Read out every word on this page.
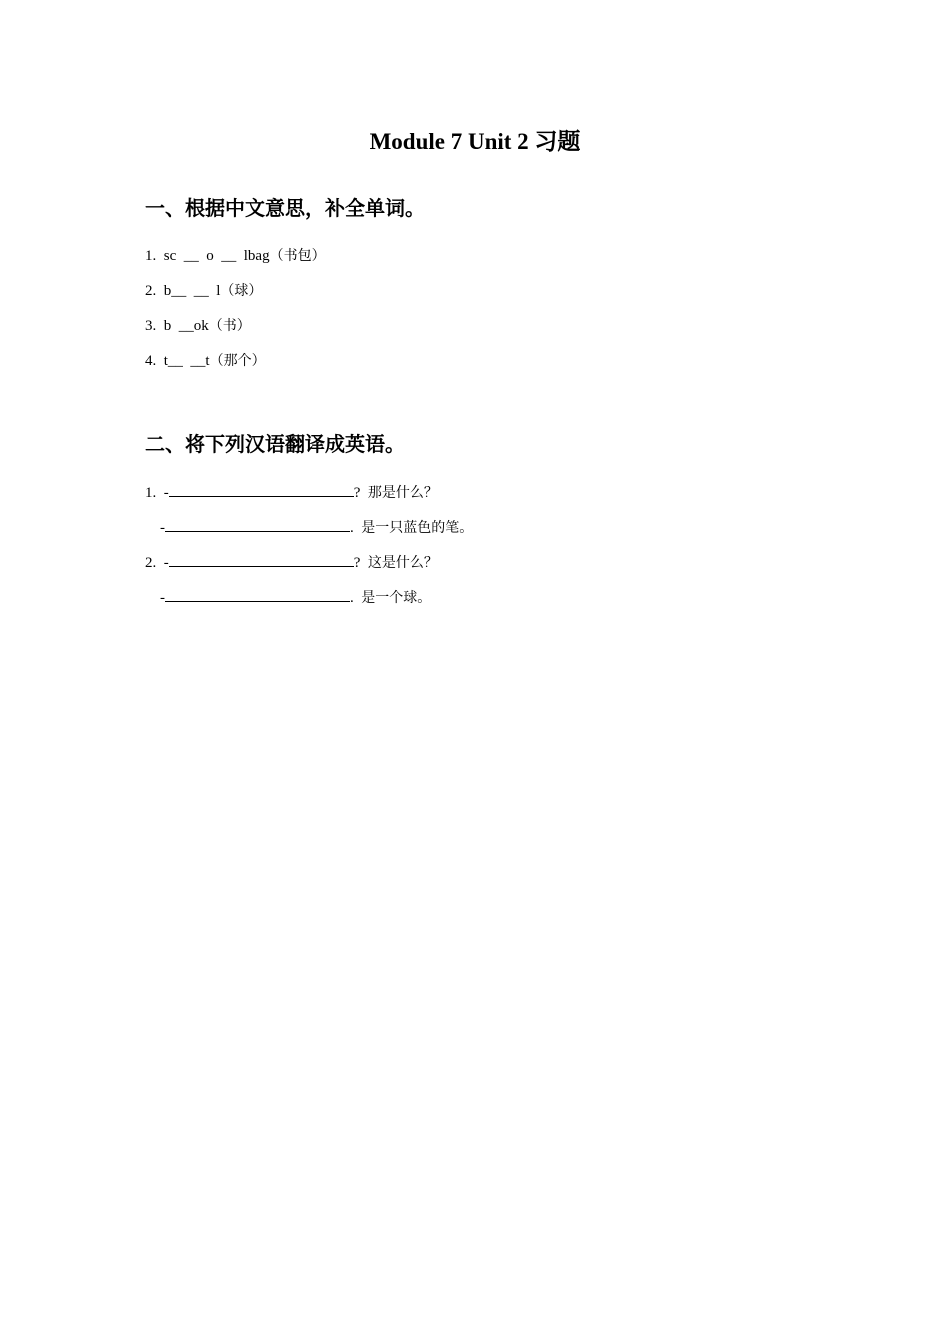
Module 7 Unit 2 习题
一、根据中文意思，补全单词。
1. sc  __  o  __  lbag（书包）
2. b__  __  l（球）
3. b  __ok（书）
4. t__  __t（那个）
二、将下列汉语翻译成英语。
1. -	? 那是什么？
-	. 是一只蓝色的笔。
2. -	? 这是什么？
-	. 是一个球。
